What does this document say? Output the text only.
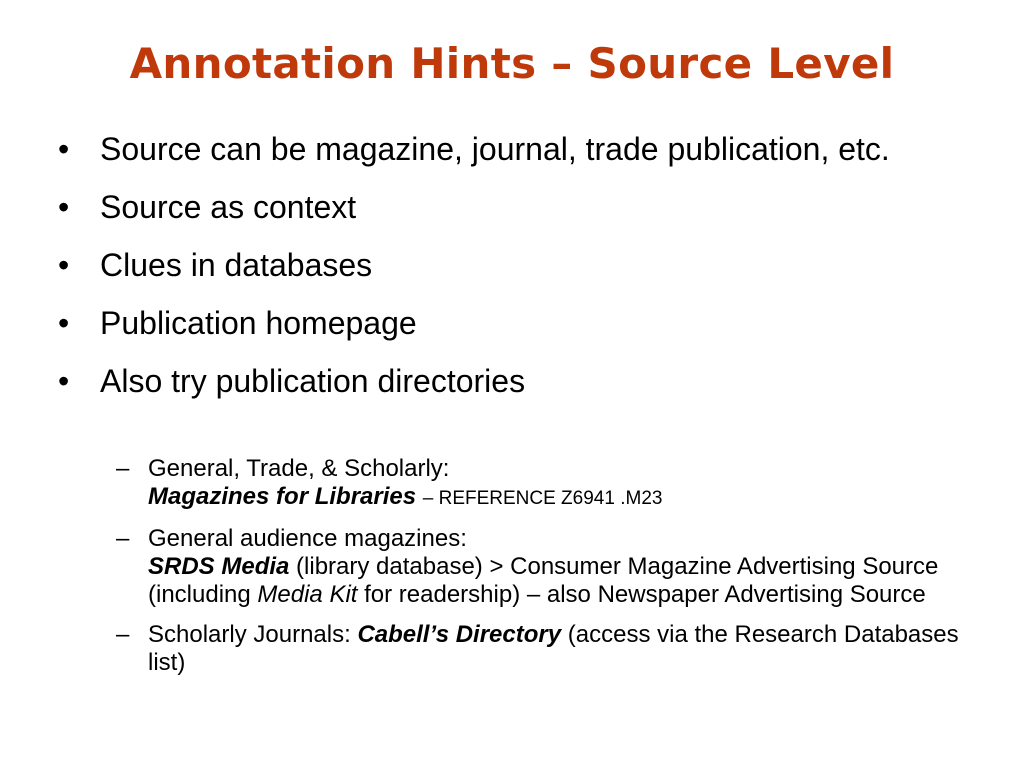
Annotation Hints – Source Level
• Source can be magazine, journal, trade publication, etc.
• Source as context
• Clues in databases
• Publication homepage
• Also try publication directories
– General, Trade, & Scholarly:
Magazines for Libraries – REFERENCE Z6941 .M23
– General audience magazines:
SRDS Media (library database) > Consumer Magazine Advertising Source (including Media Kit for readership) – also Newspaper Advertising Source
– Scholarly Journals: Cabell’s Directory (access via the Research Databases list)
